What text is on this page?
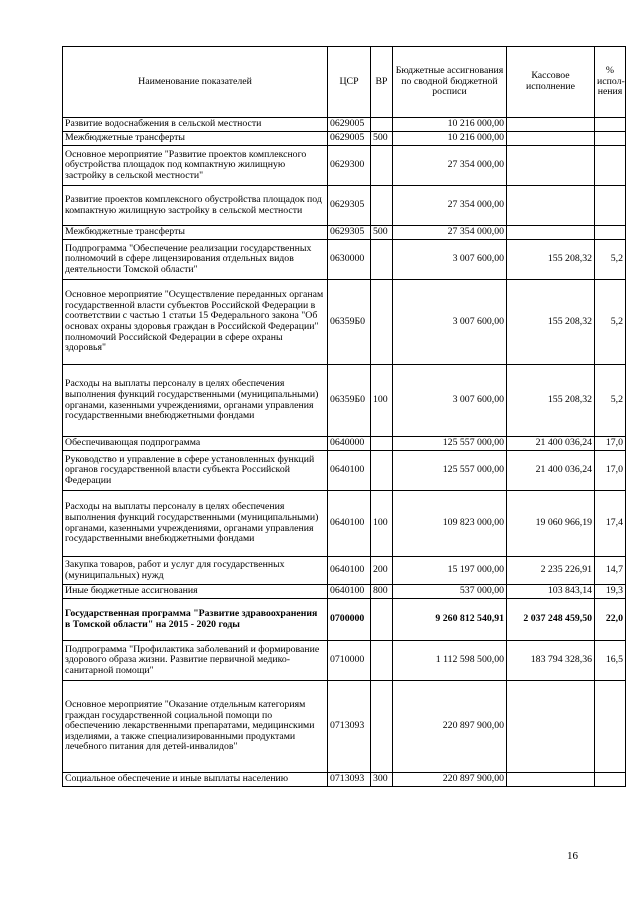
Наименование показателей	ЦСР	ВР	Бюджетные ассигнования по сводной бюджетной росписи	Кассовое исполнение	% испол-нения
Развитие водоснабжения в сельской местности	0629005		10 216 000,00		
Межбюджетные трансферты	0629005	500	10 216 000,00		
Основное мероприятие "Развитие проектов комплексного обустройства площадок под компактную жилищную застройку в сельской местности"	0629300		27 354 000,00		
Развитие проектов комплексного обустройства площадок под компактную жилищную застройку в сельской местности	0629305		27 354 000,00		
Межбюджетные трансферты	0629305	500	27 354 000,00		
Подпрограмма "Обеспечение реализации государственных полномочий в сфере лицензирования отдельных видов деятельности Томской области"	0630000		3 007 600,00	155 208,32	5,2
Основное мероприятие "Осуществление переданных органам государственной власти субъектов Российской Федерации в соответствии с частью 1 статьи 15 Федерального закона "Об основах охраны здоровья граждан в Российской Федерации" полномочий Российской Федерации в сфере охраны здоровья"	06359Б0		3 007 600,00	155 208,32	5,2
Расходы на выплаты персоналу в целях обеспечения выполнения функций государственными (муниципальными) органами, казенными учреждениями, органами управления государственными внебюджетными фондами	06359Б0	100	3 007 600,00	155 208,32	5,2
Обеспечивающая подпрограмма	0640000		125 557 000,00	21 400 036,24	17,0
Руководство и управление в сфере установленных функций органов государственной власти субъекта Российской Федерации	0640100		125 557 000,00	21 400 036,24	17,0
Расходы на выплаты персоналу в целях обеспечения выполнения функций государственными (муниципальными) органами, казенными учреждениями, органами управления государственными внебюджетными фондами	0640100	100	109 823 000,00	19 060 966,19	17,4
Закупка товаров, работ и услуг для государственных (муниципальных) нужд	0640100	200	15 197 000,00	2 235 226,91	14,7
Иные бюджетные ассигнования	0640100	800	537 000,00	103 843,14	19,3
Государственная программа "Развитие здравоохранения в Томской области" на 2015 - 2020 годы	0700000		9 260 812 540,91	2 037 248 459,50	22,0
Подпрограмма "Профилактика заболеваний и формирование здорового образа жизни. Развитие первичной медико-санитарной помощи"	0710000		1 112 598 500,00	183 794 328,36	16,5
Основное мероприятие "Оказание отдельным категориям граждан государственной социальной помощи по обеспечению лекарственными препаратами, медицинскими изделиями, а также специализированными продуктами лечебного питания для детей-инвалидов"	0713093		220 897 900,00		
Социальное обеспечение и иные выплаты населению	0713093	300	220 897 900,00		
16
